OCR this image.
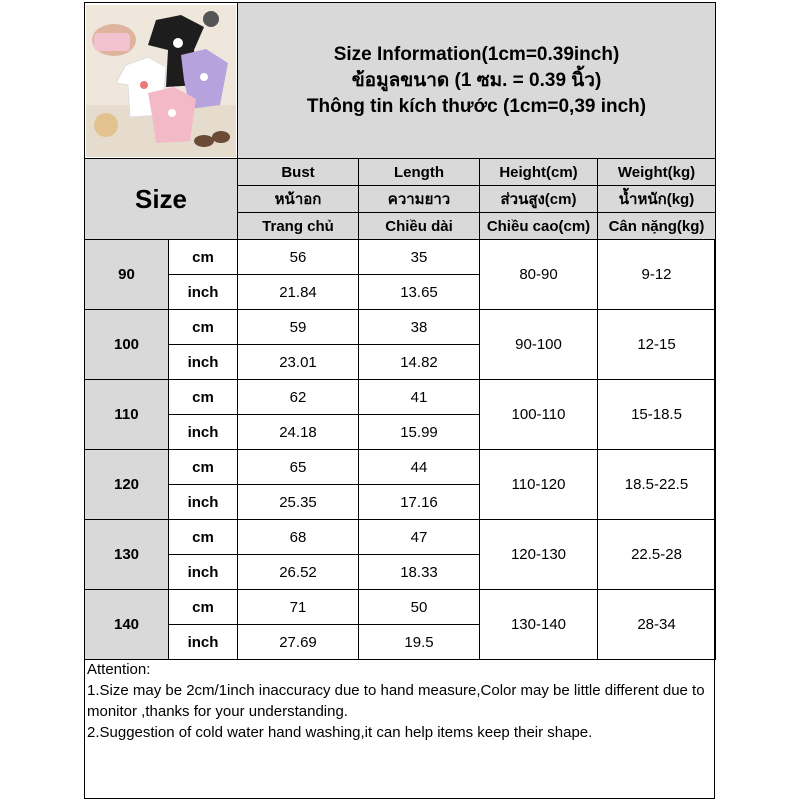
Size Information(1cm=0.39inch)
ข้อมูลขนาด (1 ซม. = 0.39 นิ้ว)
Thông tin kích thước (1cm=0,39 inch)			

Size		Bust	Length	Height(cm)	Weight(kg)
		หน้าอก	ความยาว	ส่วนสูง(cm)	น้ำหนัก(kg)
		Trang chủ	Chiều dài	Chiều cao(cm)	Cân nặng(kg)
90	cm	56	35	80-90	9-12
	inch	21.84	13.65		
100	cm	59	38	90-100	12-15
	inch	23.01	14.82		
110	cm	62	41	100-110	15-18.5
	inch	24.18	15.99		
120	cm	65	44	110-120	18.5-22.5
	inch	25.35	17.16		
130	cm	68	47	120-130	22.5-28
	inch	26.52	18.33		
140	cm	71	50	130-140	28-34
	inch	27.69	19.5		
Attention:
1.Size may be 2cm/1inch inaccuracy due to hand measure,Color may be little different due to monitor ,thanks for your understanding.
2.Suggestion of cold water hand washing,it can help items keep their shape.
